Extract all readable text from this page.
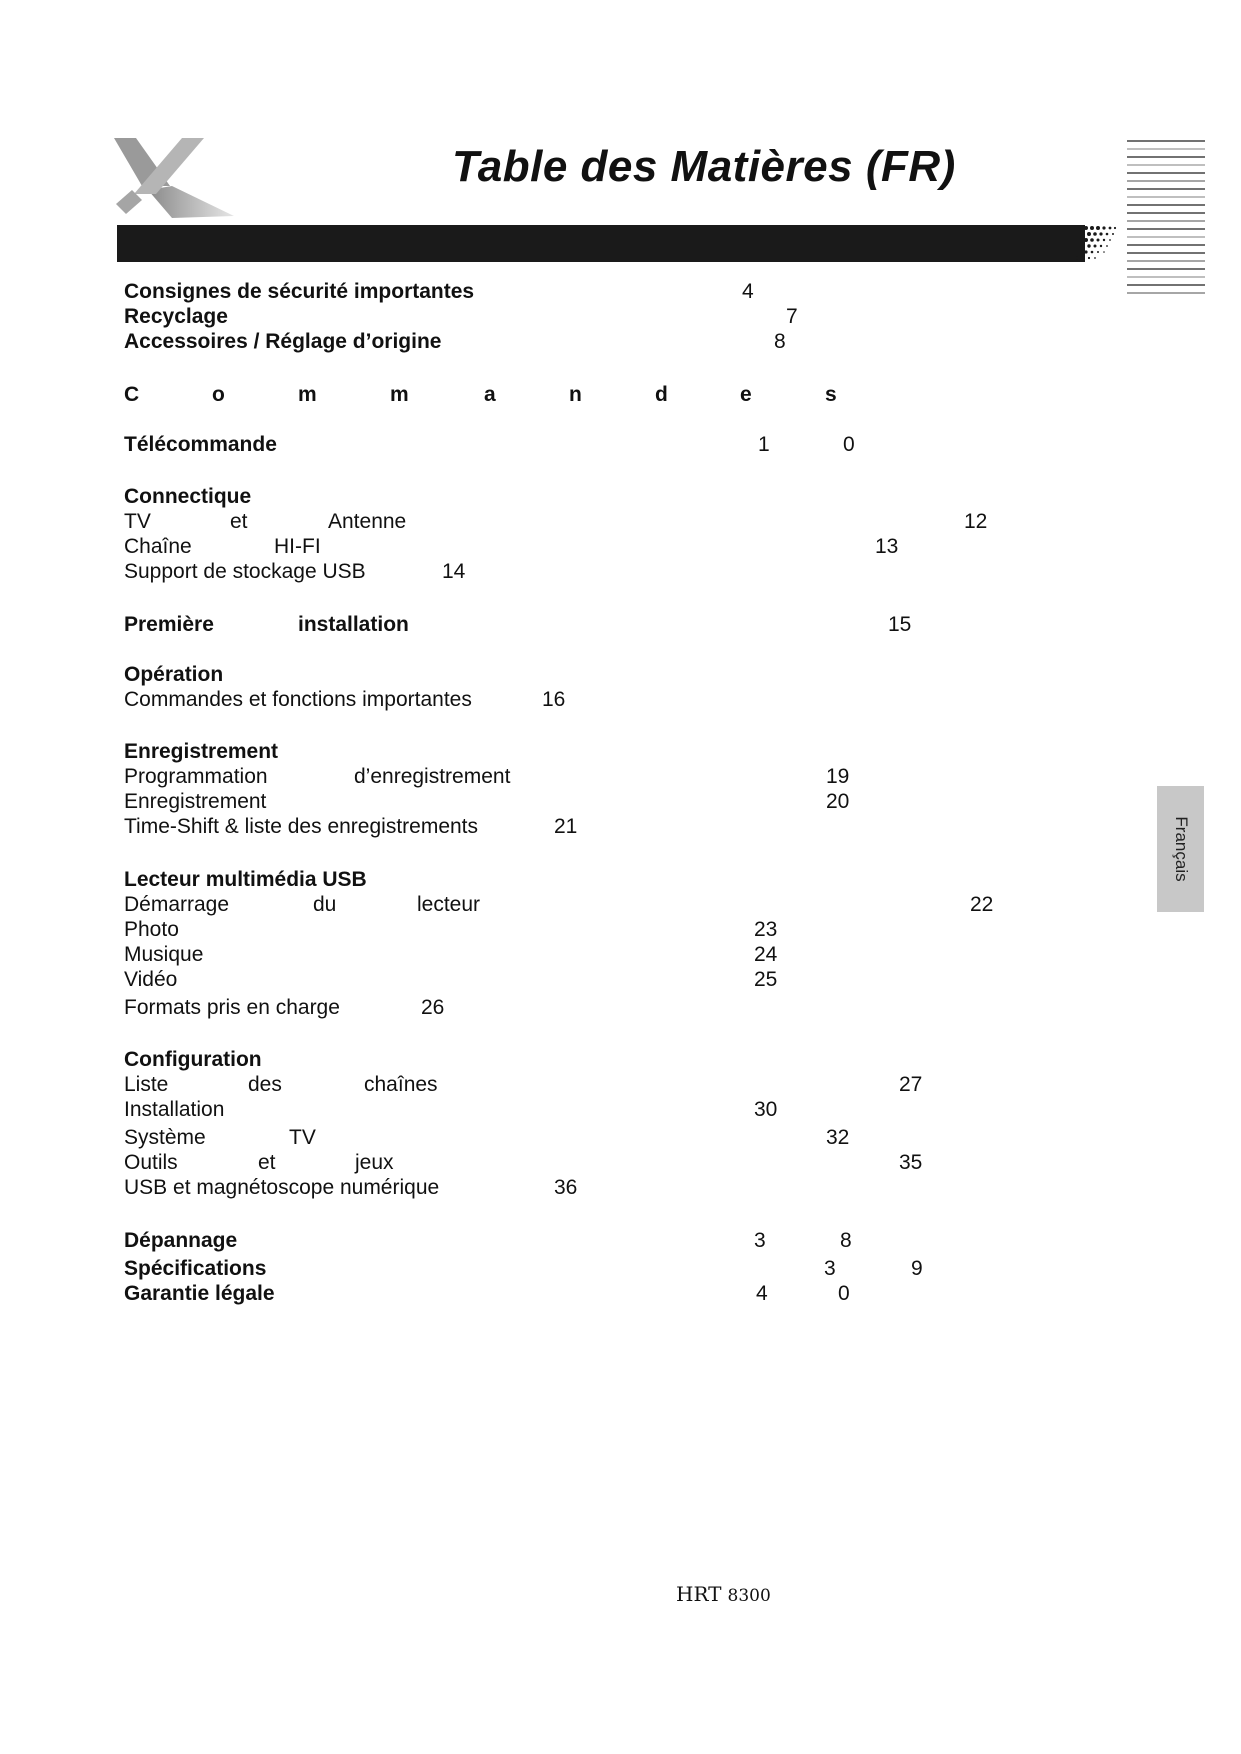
Table des Matières (FR)
Français
Consignes de sécurité importantes	4
Recyclage	7
Accessoires / Réglage d’origine	8
C	o	m	m	a	n	d	e	s
Télécommande	1	0
Connectique
TV	et	Antenne	12
Chaîne	HI-FI	13
Support de stockage USB	14
Première	installation	15
Opération
Commandes et fonctions importantes	16
Enregistrement
Programmation	d’enregistrement	19
Enregistrement	20
Time-Shift & liste des enregistrements	21
Lecteur multimédia USB
Démarrage	du	lecteur	22
Photo	23
Musique	24
Vidéo	25
Formats pris en charge	26
Configuration
Liste	des	chaînes	27
Installation	30
Système	TV	32
Outils	et	jeux	35
USB et magnétoscope numérique	36
Dépannage	3	8
Spécifications	3	9
Garantie légale	4	0
HRT 8300
